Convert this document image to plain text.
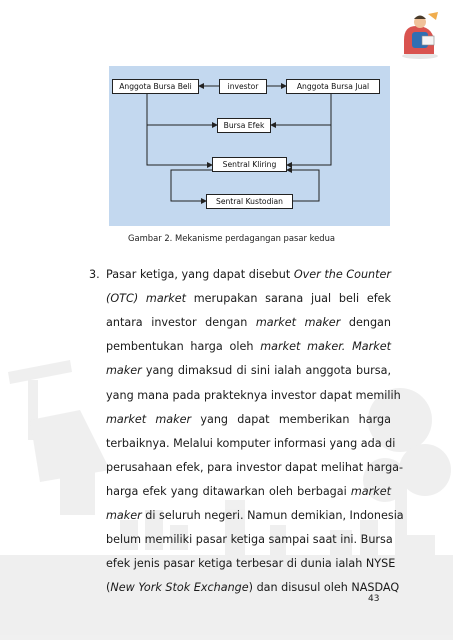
Anggota Bursa Beli	investor	Anggota Bursa Jual
Bursa Efek
Sentral Kliring
Sentral Kustodian
Gambar 2. Mekanisme perdagangan pasar kedua
3. Pasar ketiga, yang dapat disebut Over the Counter
(OTC) market merupakan sarana jual beli efek
antara investor dengan market maker dengan
pembentukan harga oleh market maker. Market
maker yang dimaksud di sini ialah anggota bursa,
yang mana pada prakteknya investor dapat memilih
market maker yang dapat memberikan harga
terbaiknya. Melalui komputer informasi yang ada di
perusahaan efek, para investor dapat melihat harga-
harga efek yang ditawarkan oleh berbagai market
maker di seluruh negeri. Namun demikian, Indonesia
belum memiliki pasar ketiga sampai saat ini. Bursa
efek jenis pasar ketiga terbesar di dunia ialah NYSE
(New York Stok Exchange) dan disusul oleh NASDAQ
43
